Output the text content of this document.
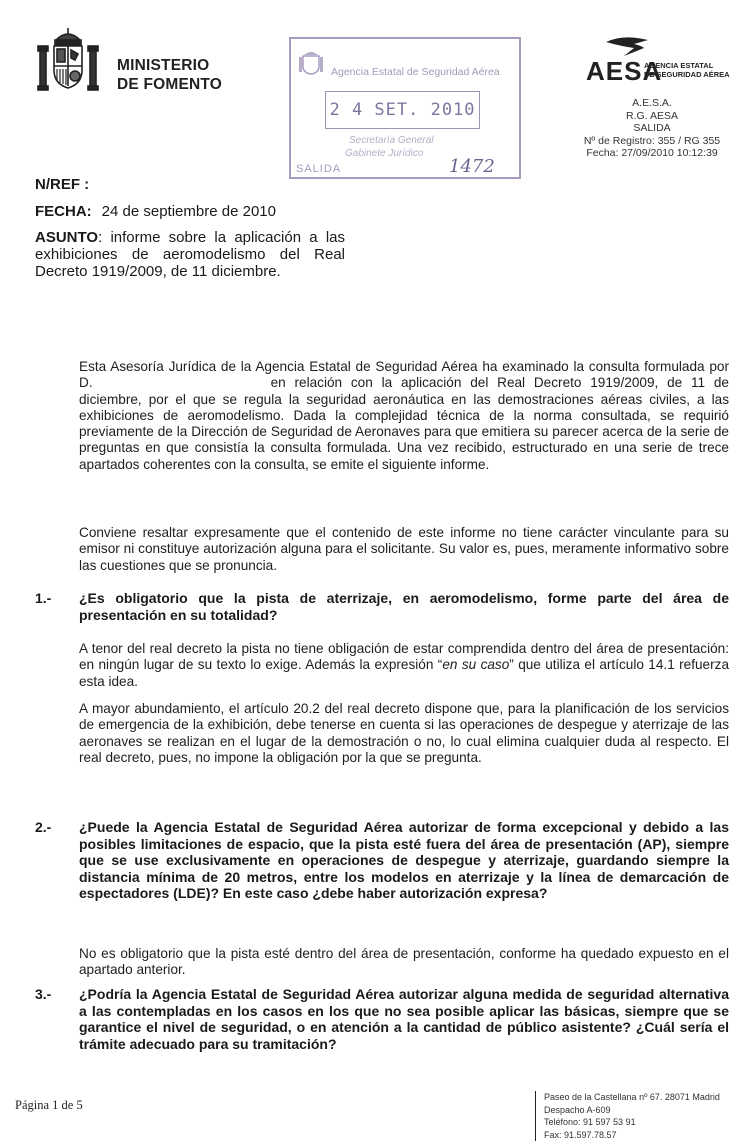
MINISTERIO
DE FOMENTO
Agencia Estatal de Seguridad Aérea
2 4 SET. 2010
Secretaría General
Gabinete Jurídico
SALIDA	1472
AESA
AGENCIA ESTATAL
DE SEGURIDAD AÉREA
A.E.S.A.
R.G. AESA
SALIDA
Nº de Registro: 355 / RG 355
Fecha: 27/09/2010 10:12:39
N/REF :
FECHA: 24 de septiembre de 2010
ASUNTO: informe sobre la aplicación a las exhibiciones de aeromodelismo del Real Decreto 1919/2009, de 11 diciembre.
Esta Asesoría Jurídica de la Agencia Estatal de Seguridad Aérea ha examinado la consulta formulada por D.	en relación con la aplicación del Real Decreto 1919/2009, de 11 de diciembre, por el que se regula la seguridad aeronáutica en las demostraciones aéreas civiles, a las exhibiciones de aeromodelismo. Dada la complejidad técnica de la norma consultada, se requirió previamente de la Dirección de Seguridad de Aeronaves para que emitiera su parecer acerca de la serie de preguntas en que consistía la consulta formulada. Una vez recibido, estructurado en una serie de trece apartados coherentes con la consulta, se emite el siguiente informe.
Conviene resaltar expresamente que el contenido de este informe no tiene carácter vinculante para su emisor ni constituye autorización alguna para el solicitante. Su valor es, pues, meramente informativo sobre las cuestiones que se pronuncia.
1.- ¿Es obligatorio que la pista de aterrizaje, en aeromodelismo, forme parte del área de presentación en su totalidad?
A tenor del real decreto la pista no tiene obligación de estar comprendida dentro del área de presentación: en ningún lugar de su texto lo exige. Además la expresión “en su caso” que utiliza el artículo 14.1 refuerza esta idea.
A mayor abundamiento, el artículo 20.2 del real decreto dispone que, para la planificación de los servicios de emergencia de la exhibición, debe tenerse en cuenta si las operaciones de despegue y aterrizaje de las aeronaves se realizan en el lugar de la demostración o no, lo cual elimina cualquier duda al respecto. El real decreto, pues, no impone la obligación por la que se pregunta.
2.- ¿Puede la Agencia Estatal de Seguridad Aérea autorizar de forma excepcional y debido a las posibles limitaciones de espacio, que la pista esté fuera del área de presentación (AP), siempre que se use exclusivamente en operaciones de despegue y aterrizaje, guardando siempre la distancia mínima de 20 metros, entre los modelos en aterrizaje y la línea de demarcación de espectadores (LDE)? En este caso ¿debe haber autorización expresa?
No es obligatorio que la pista esté dentro del área de presentación, conforme ha quedado expuesto en el apartado anterior.
3.- ¿Podría la Agencia Estatal de Seguridad Aérea autorizar alguna medida de seguridad alternativa a las contempladas en los casos en los que no sea posible aplicar las básicas, siempre que se garantice el nivel de seguridad, o en atención a la cantidad de público asistente? ¿Cuál sería el trámite adecuado para su tramitación?
Página 1 de 5
Paseo de la Castellana nº 67. 28071 Madrid
Despacho A-609
Teléfono: 91 597 53 91
Fax: 91.597.78.57
